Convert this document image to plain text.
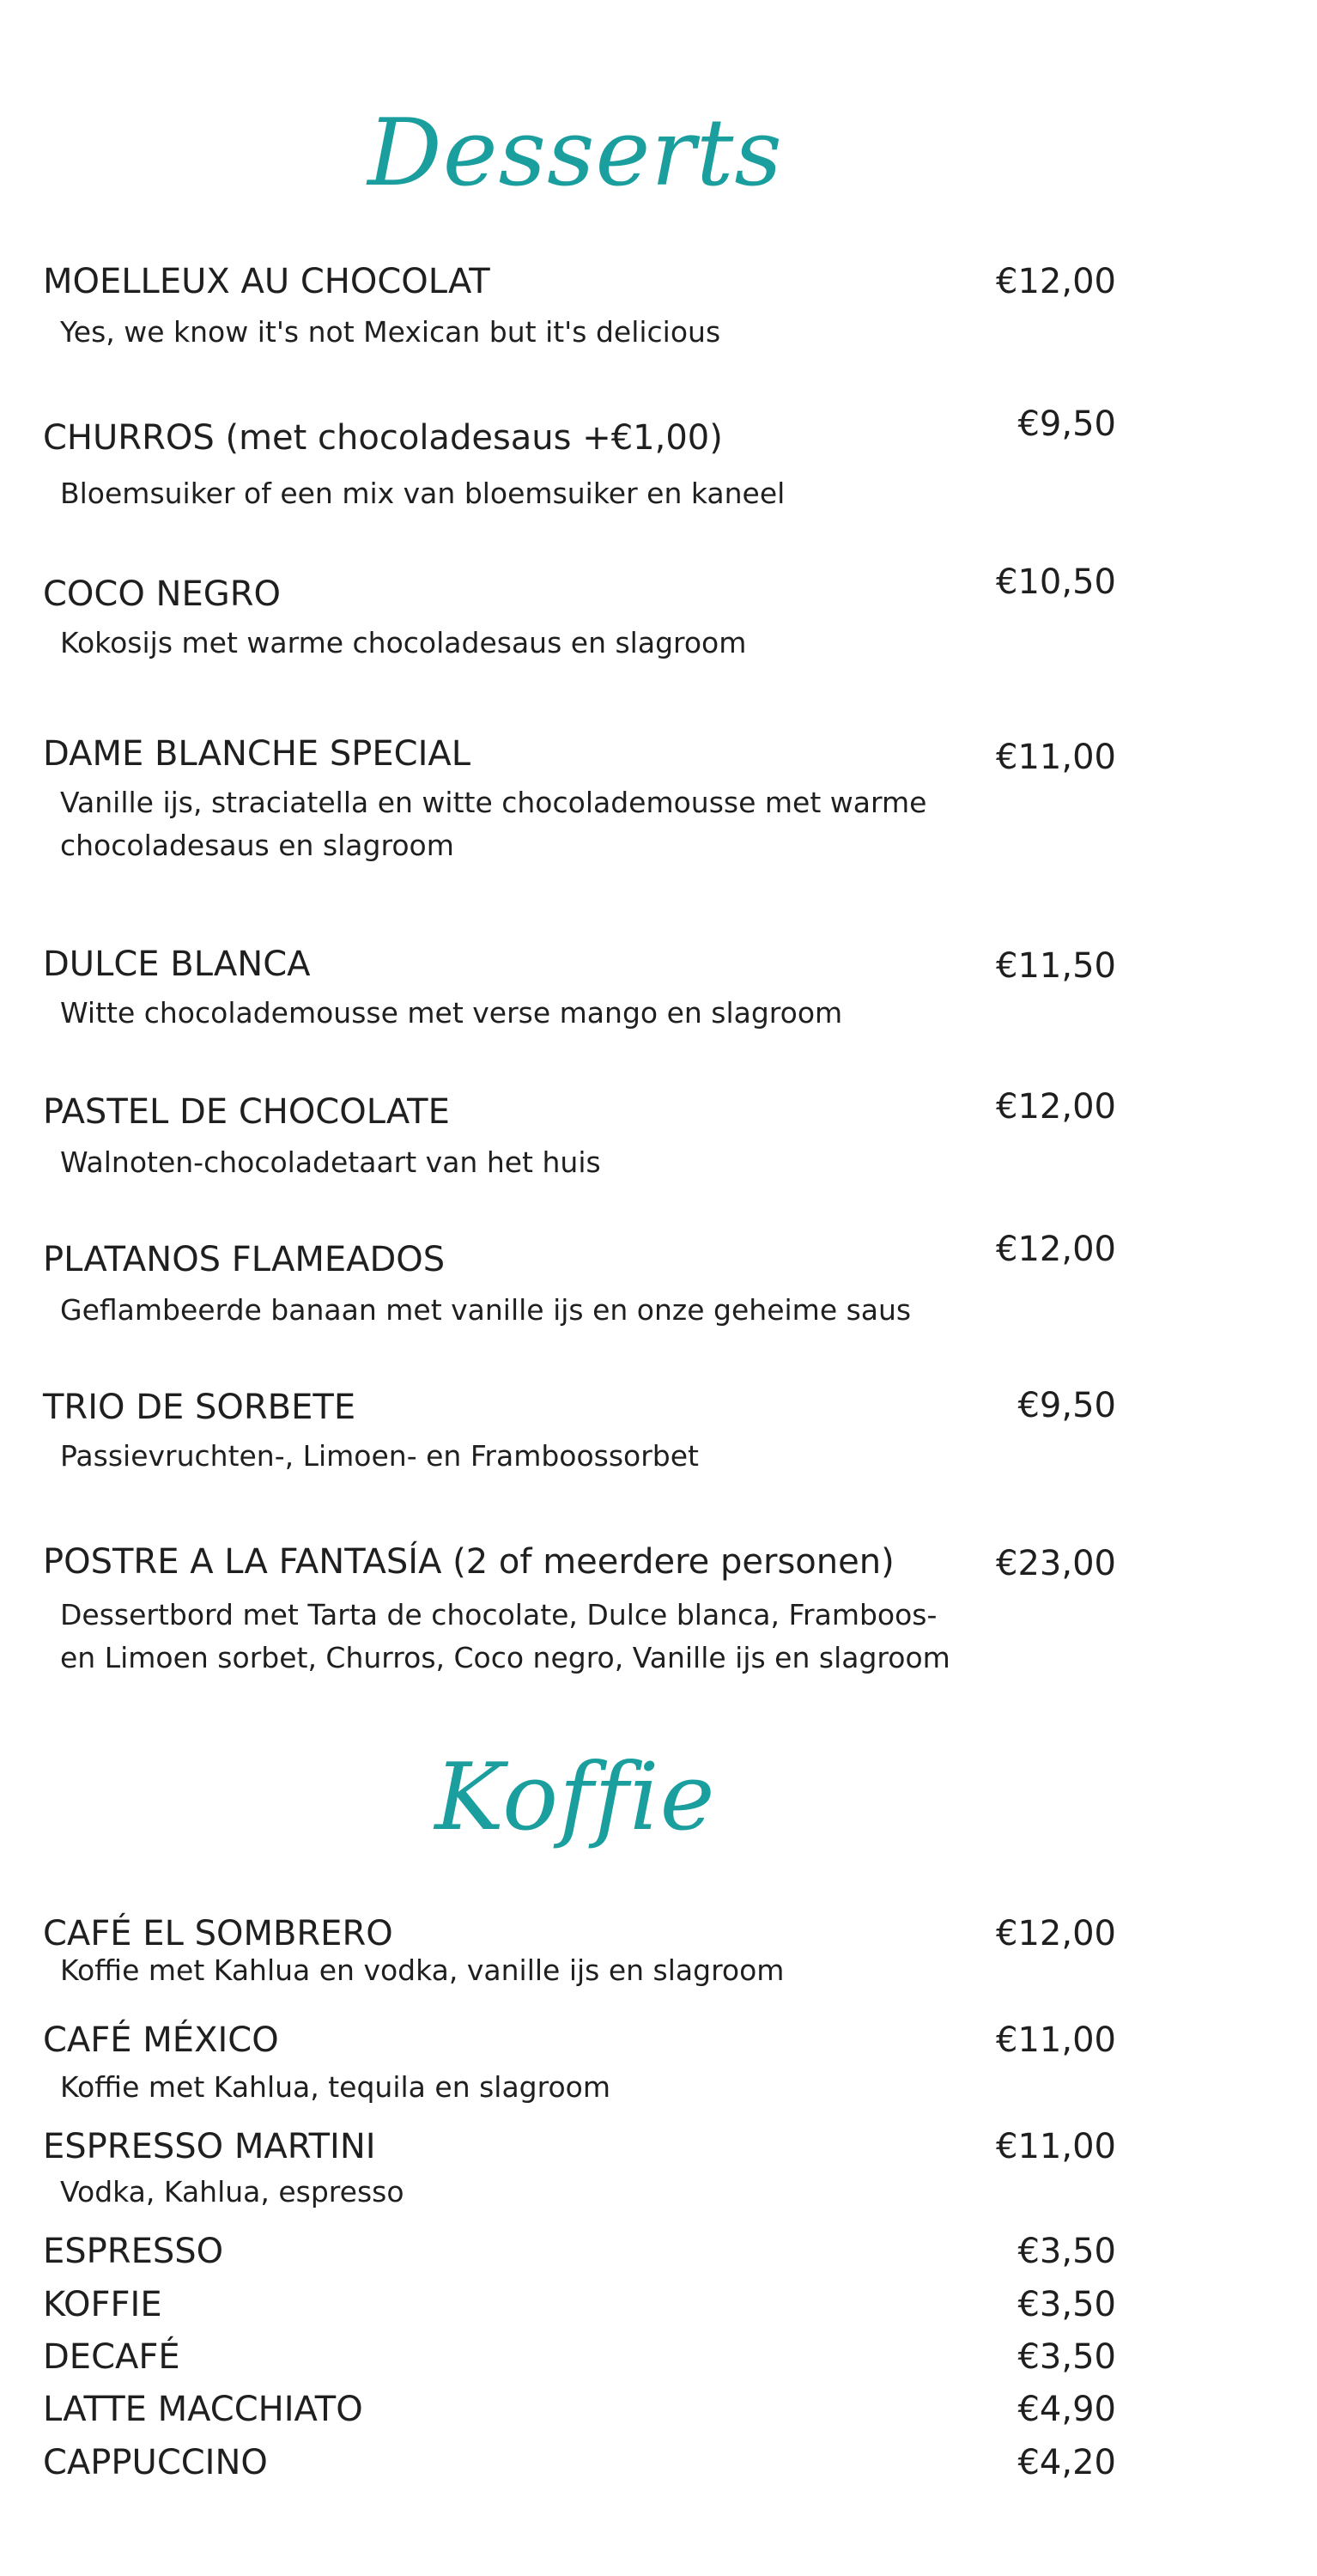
Desserts
MOELLEUX AU CHOCOLAT	€12,00
Yes, we know it's not Mexican but it's delicious
CHURROS (met chocoladesaus +€1,00)	€9,50
Bloemsuiker of een mix van bloemsuiker en kaneel
COCO NEGRO	€10,50
Kokosijs met warme chocoladesaus en slagroom
DAME BLANCHE SPECIAL	€11,00
Vanille ijs, straciatella en witte chocolademousse met warme chocoladesaus en slagroom
DULCE BLANCA	€11,50
Witte chocolademousse met verse mango en slagroom
PASTEL DE CHOCOLATE	€12,00
Walnoten-chocoladetaart van het huis
PLATANOS FLAMEADOS	€12,00
Geflambeerde banaan met vanille ijs en onze geheime saus
TRIO DE SORBETE	€9,50
Passievruchten-, Limoen- en Framboossorbet
POSTRE A LA FANTASÍA (2 of meerdere personen)	€23,00
Dessertbord met Tarta de chocolate, Dulce blanca, Framboos- en Limoen sorbet, Churros, Coco negro, Vanille ijs en slagroom
Koffie
CAFÉ EL SOMBRERO	€12,00
Koffie met Kahlua en vodka, vanille ijs en slagroom
CAFÉ MÉXICO	€11,00
Koffie met Kahlua, tequila en slagroom
ESPRESSO MARTINI	€11,00
Vodka, Kahlua, espresso
ESPRESSO	€3,50
KOFFIE	€3,50
DECAFÉ	€3,50
LATTE MACCHIATO	€4,90
CAPPUCCINO	€4,20
